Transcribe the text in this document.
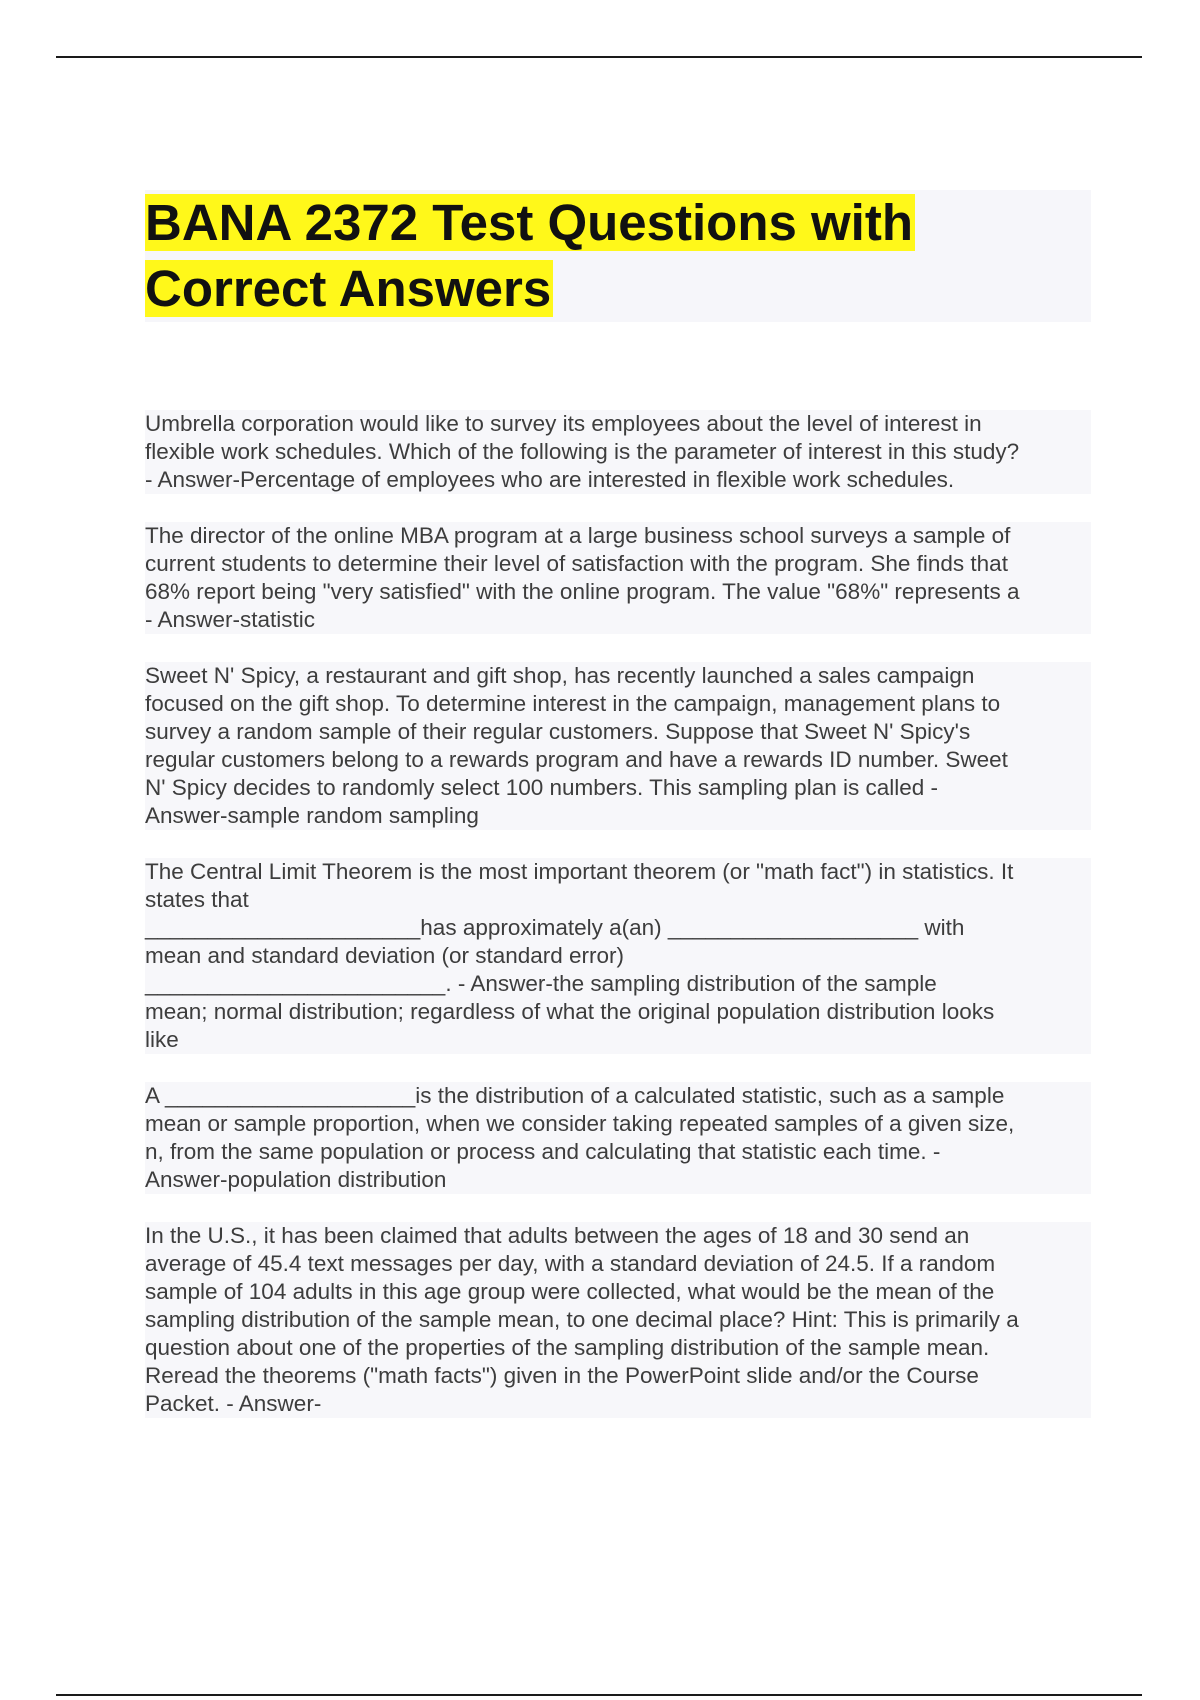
BANA 2372 Test Questions with
Correct Answers

Umbrella corporation would like to survey its employees about the level of interest in
flexible work schedules. Which of the following is the parameter of interest in this study?
- Answer-Percentage of employees who are interested in flexible work schedules.

The director of the online MBA program at a large business school surveys a sample of
current students to determine their level of satisfaction with the program. She finds that
68% report being "very satisfied" with the online program. The value "68%" represents a
- Answer-statistic

Sweet N' Spicy, a restaurant and gift shop, has recently launched a sales campaign
focused on the gift shop. To determine interest in the campaign, management plans to
survey a random sample of their regular customers. Suppose that Sweet N' Spicy's
regular customers belong to a rewards program and have a rewards ID number. Sweet
N' Spicy decides to randomly select 100 numbers. This sampling plan is called -
Answer-sample random sampling

The Central Limit Theorem is the most important theorem (or "math fact") in statistics. It
states that
______________________has approximately a(an) ____________________ with
mean and standard deviation (or standard error)
________________________. - Answer-the sampling distribution of the sample
mean; normal distribution; regardless of what the original population distribution looks
like

A ____________________is the distribution of a calculated statistic, such as a sample
mean or sample proportion, when we consider taking repeated samples of a given size,
n, from the same population or process and calculating that statistic each time. -
Answer-population distribution

In the U.S., it has been claimed that adults between the ages of 18 and 30 send an
average of 45.4 text messages per day, with a standard deviation of 24.5. If a random
sample of 104 adults in this age group were collected, what would be the mean of the
sampling distribution of the sample mean, to one decimal place? Hint: This is primarily a
question about one of the properties of the sampling distribution of the sample mean.
Reread the theorems ("math facts") given in the PowerPoint slide and/or the Course
Packet. - Answer-
